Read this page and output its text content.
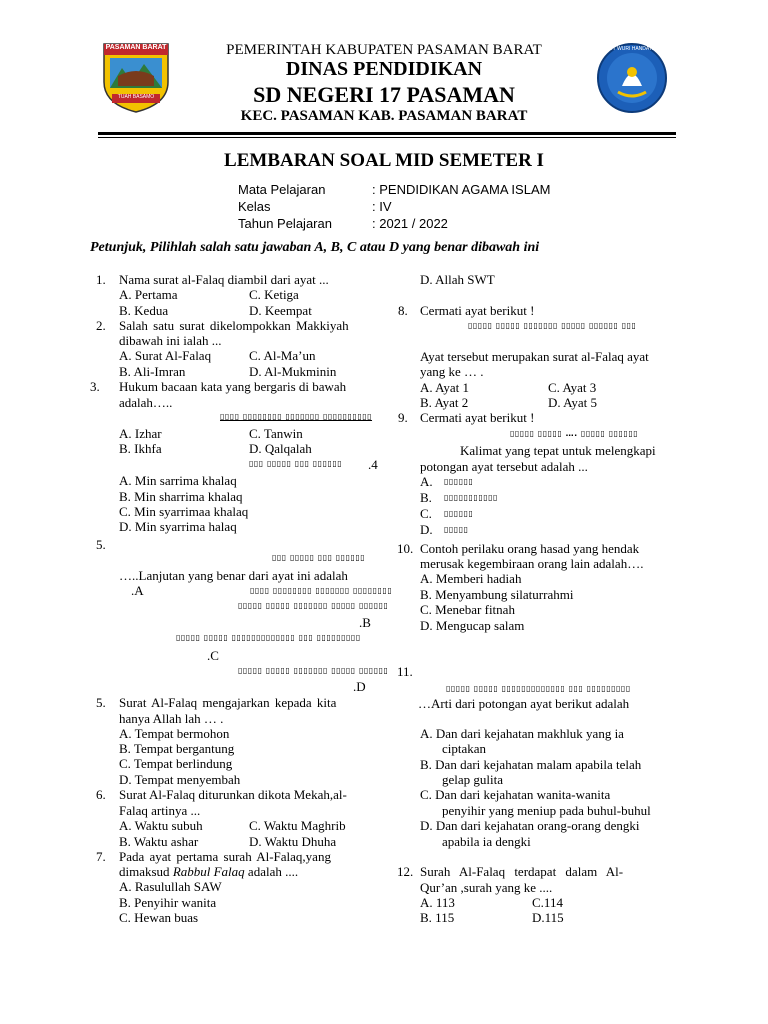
PASAMAN BARAT
TUAH BASAMO
TUT WURI HANDAYANI
PEMERINTAH KABUPATEN PASAMAN BARAT
DINAS PENDIDIKAN
SD NEGERI 17 PASAMAN
KEC. PASAMAN KAB. PASAMAN BARAT
LEMBARAN SOAL MID SEMETER I
Mata Pelajaran	: PENDIDIKAN AGAMA ISLAM
Kelas	: IV
Tahun Pelajaran	: 2021 / 2022
Petunjuk, Pilihlah salah satu jawaban A, B, C atau D yang benar dibawah ini
1. Nama surat al-Falaq diambil dari ayat ...
A. Pertama	C. Ketiga
B. Kedua	D. Keempat
2. Salah satu surat dikelompokkan Makkiyah
dibawah ini ialah ...
A. Surat Al-Falaq	C. Al-Ma’un
B. Ali-Imran	D. Al-Mukminin
3. Hukum bacaan kata yang bergaris di bawah
adalah…..
▯▯▯▯ ▯▯▯▯▯▯▯▯ ▯▯▯▯▯▯▯ ▯▯▯▯▯▯▯▯▯▯
A. Izhar	C. Tanwin
B. Ikhfa	D. Qalqalah
▯▯▯ ▯▯▯▯▯ ▯▯▯ ▯▯▯▯▯▯ .4
A. Min sarrima khalaq
B. Min sharrima khalaq
C. Min syarrimaa khalaq
D. Min syarrima halaq
5.
▯▯▯ ▯▯▯▯▯ ▯▯▯ ▯▯▯▯▯▯
…..Lanjutan yang benar dari ayat ini adalah
.A	▯▯▯▯ ▯▯▯▯▯▯▯▯ ▯▯▯▯▯▯▯ ▯▯▯▯▯▯▯▯
▯▯▯▯▯ ▯▯▯▯▯ ▯▯▯▯▯▯▯ ▯▯▯▯▯ ▯▯▯▯▯▯
.B
▯▯▯▯▯ ▯▯▯▯▯ ▯▯▯▯▯▯▯▯▯▯▯▯▯ ▯▯▯ ▯▯▯▯▯▯▯▯▯
.C
▯▯▯▯▯ ▯▯▯▯▯ ▯▯▯▯▯▯▯ ▯▯▯▯▯ ▯▯▯▯▯▯
.D
5. Surat Al-Falaq mengajarkan kepada kita
hanya Allah lah … .
A. Tempat bermohon
B. Tempat bergantung
C. Tempat berlindung
D. Tempat menyembah
6. Surat Al-Falaq diturunkan dikota Mekah,al-
Falaq artinya ...
A. Waktu subuh	C. Waktu Maghrib
B. Waktu ashar	D. Waktu Dhuha
7. Pada ayat pertama surah Al-Falaq,yang
dimaksud Rabbul Falaq adalah ....
A. Rasulullah SAW
B. Penyihir wanita
C. Hewan buas
D. Allah SWT
8. Cermati ayat berikut !
▯▯▯▯▯ ▯▯▯▯▯ ▯▯▯▯▯▯▯ ▯▯▯▯▯ ▯▯▯▯▯▯ ▯▯▯
Ayat tersebut merupakan surat al-Falaq ayat
yang ke … .
A. Ayat 1	C. Ayat 3
B. Ayat 2	D. Ayat 5
9. Cermati ayat berikut !
▯▯▯▯▯ ▯▯▯▯▯ …. ▯▯▯▯▯ ▯▯▯▯▯▯
Kalimat yang tepat untuk melengkapi
potongan ayat tersebut adalah ...
A. ▯▯▯▯▯▯
B. ▯▯▯▯▯▯▯▯▯▯▯
C. ▯▯▯▯▯▯
D. ▯▯▯▯▯
10. Contoh perilaku orang hasad yang hendak
merusak kegembiraan orang lain adalah….
A. Memberi hadiah
B. Menyambung silaturrahmi
C. Menebar fitnah
D. Mengucap salam
11.
▯▯▯▯▯ ▯▯▯▯▯ ▯▯▯▯▯▯▯▯▯▯▯▯▯ ▯▯▯ ▯▯▯▯▯▯▯▯▯
…Arti dari potongan ayat berikut adalah
A. Dan dari kejahatan makhluk yang ia
ciptakan
B. Dan dari kejahatan malam apabila telah
gelap gulita
C. Dan dari kejahatan wanita-wanita
penyihir yang meniup pada buhul-buhul
D. Dan dari kejahatan orang-orang dengki
apabila ia dengki
12. Surah Al-Falaq terdapat dalam Al-
Qur’an ,surah yang ke ....
A. 113	C.114
B. 115	D.115
